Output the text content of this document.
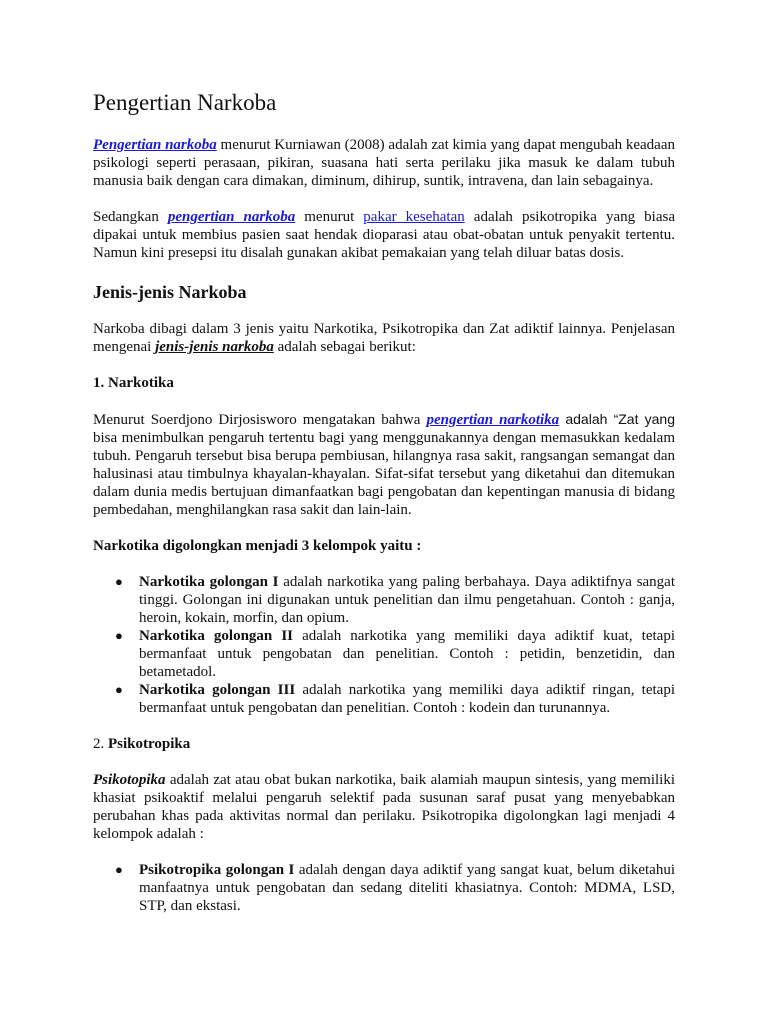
Pengertian Narkoba

Pengertian narkoba menurut Kurniawan (2008) adalah zat kimia yang dapat mengubah keadaan psikologi seperti perasaan, pikiran, suasana hati serta perilaku jika masuk ke dalam tubuh manusia baik dengan cara dimakan, diminum, dihirup, suntik, intravena, dan lain sebagainya.

Sedangkan pengertian narkoba menurut pakar kesehatan adalah psikotropika yang biasa dipakai untuk membius pasien saat hendak dioparasi atau obat-obatan untuk penyakit tertentu. Namun kini presepsi itu disalah gunakan akibat pemakaian yang telah diluar batas dosis.

Jenis-jenis Narkoba

Narkoba dibagi dalam 3 jenis yaitu Narkotika, Psikotropika dan Zat adiktif lainnya. Penjelasan mengenai jenis-jenis narkoba adalah sebagai berikut:

1. Narkotika

Menurut Soerdjono Dirjosisworo mengatakan bahwa pengertian narkotika adalah “Zat yang bisa menimbulkan pengaruh tertentu bagi yang menggunakannya dengan memasukkan kedalam tubuh. Pengaruh tersebut bisa berupa pembiusan, hilangnya rasa sakit, rangsangan semangat dan halusinasi atau timbulnya khayalan-khayalan. Sifat-sifat tersebut yang diketahui dan ditemukan dalam dunia medis bertujuan dimanfaatkan bagi pengobatan dan kepentingan manusia di bidang pembedahan, menghilangkan rasa sakit dan lain-lain.

Narkotika digolongkan menjadi 3 kelompok yaitu :

● Narkotika golongan I adalah narkotika yang paling berbahaya. Daya adiktifnya sangat tinggi. Golongan ini digunakan untuk penelitian dan ilmu pengetahuan. Contoh : ganja, heroin, kokain, morfin, dan opium.
● Narkotika golongan II adalah narkotika yang memiliki daya adiktif kuat, tetapi bermanfaat untuk pengobatan dan penelitian. Contoh : petidin, benzetidin, dan betametadol.
● Narkotika golongan III adalah narkotika yang memiliki daya adiktif ringan, tetapi bermanfaat untuk pengobatan dan penelitian. Contoh : kodein dan turunannya.

2. Psikotropika

Psikotopika adalah zat atau obat bukan narkotika, baik alamiah maupun sintesis, yang memiliki khasiat psikoaktif melalui pengaruh selektif pada susunan saraf pusat yang menyebabkan perubahan khas pada aktivitas normal dan perilaku. Psikotropika digolongkan lagi menjadi 4 kelompok adalah :

● Psikotropika golongan I adalah dengan daya adiktif yang sangat kuat, belum diketahui manfaatnya untuk pengobatan dan sedang diteliti khasiatnya. Contoh: MDMA, LSD, STP, dan ekstasi.
